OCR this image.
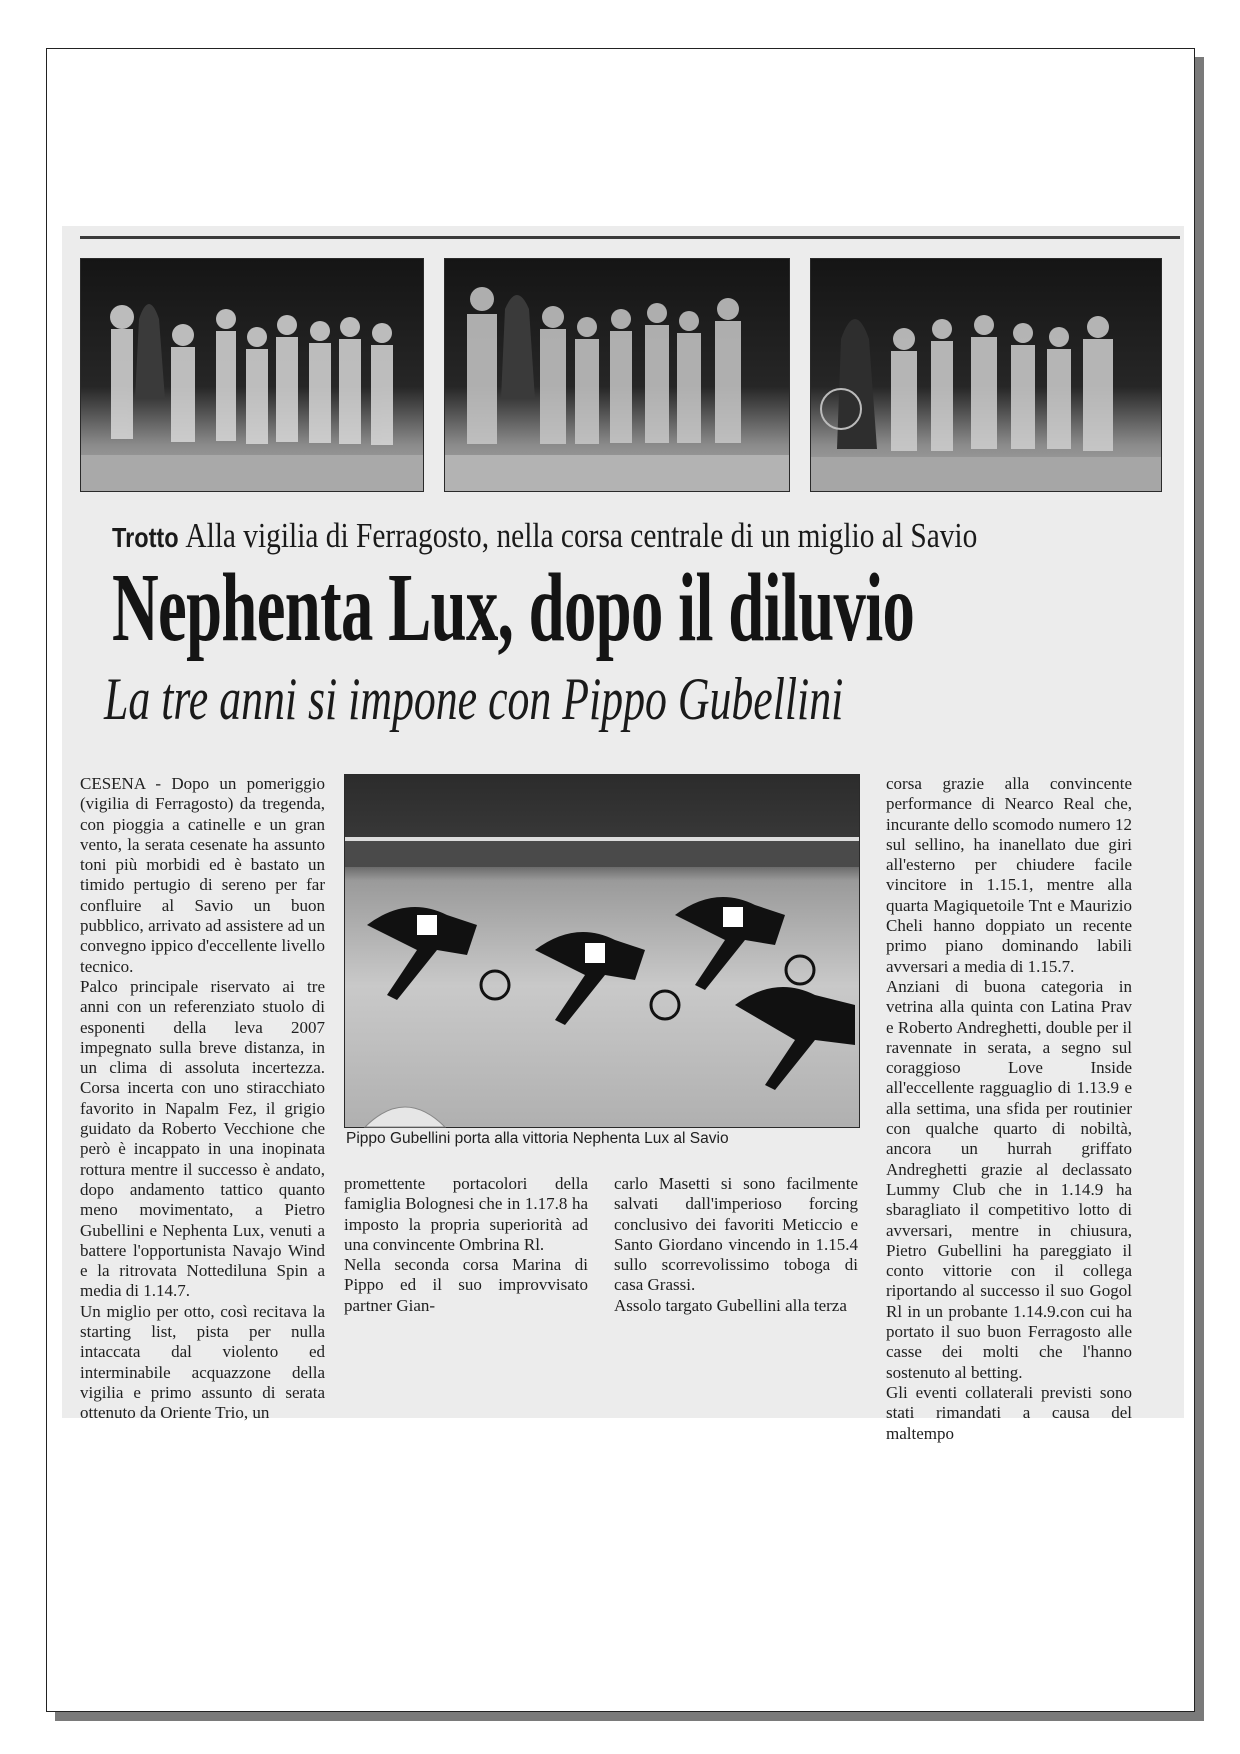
Trotto Alla vigilia di Ferragosto, nella corsa centrale di un miglio al Savio
Nephenta Lux, dopo il diluvio
La tre anni si impone con Pippo Gubellini
Pippo Gubellini porta alla vittoria Nephenta Lux al Savio

CESENA - Dopo un pomeriggio (vigilia di Ferragosto) da tregenda, con pioggia a catinelle e un gran vento, la serata cesenate ha assunto toni più morbidi ed è bastato un timido pertugio di sereno per far confluire al Savio un buon pubblico, arrivato ad assistere ad un convegno ippico d'eccellente livello tecnico.

Palco principale riservato ai tre anni con un referenziato stuolo di esponenti della leva 2007 impegnato sulla breve distanza, in un clima di assoluta incertezza. Corsa incerta con uno stiracchiato favorito in Napalm Fez, il grigio guidato da Roberto Vecchione che però è incappato in una inopinata rottura mentre il successo è andato, dopo andamento tattico quanto meno movimentato, a Pietro Gubellini e Nephenta Lux, venuti a battere l'opportunista Navajo Wind e la ritrovata Nottediluna Spin a media di 1.14.7.

Un miglio per otto, così recitava la starting list, pista per nulla intaccata dal violento ed interminabile acquazzone della vigilia e primo assunto di serata ottenuto da Oriente Trio, un

promettente portacolori della famiglia Bolognesi che in 1.17.8 ha imposto la propria superiorità ad una convincente Ombrina Rl.

Nella seconda corsa Marina di Pippo ed il suo improvvisato partner Gian-

carlo Masetti si sono facilmente salvati dall'imperioso forcing conclusivo dei favoriti Meticcio e Santo Giordano vincendo in 1.15.4 sullo scorrevolissimo toboga di casa Grassi.

Assolo targato Gubellini alla terza

corsa grazie alla convincente performance di Nearco Real che, incurante dello scomodo numero 12 sul sellino, ha inanellato due giri all'esterno per chiudere facile vincitore in 1.15.1, mentre alla quarta Magiquetoile Tnt e Maurizio Cheli hanno doppiato un recente primo piano dominando labili avversari a media di 1.15.7.

Anziani di buona categoria in vetrina alla quinta con Latina Prav e Roberto Andreghetti, double per il ravennate in serata, a segno sul coraggioso Love Inside all'eccellente ragguaglio di 1.13.9 e alla settima, una sfida per routinier con qualche quarto di nobiltà, ancora un hurrah griffato Andreghetti grazie al declassato Lummy Club che in 1.14.9 ha sbaragliato il competitivo lotto di avversari, mentre in chiusura, Pietro Gubellini ha pareggiato il conto vittorie con il collega riportando al successo il suo Gogol Rl in un probante 1.14.9.con cui ha portato il suo buon Ferragosto alle casse dei molti che l'hanno sostenuto al betting.

Gli eventi collaterali previsti sono stati rimandati a causa del maltempo
